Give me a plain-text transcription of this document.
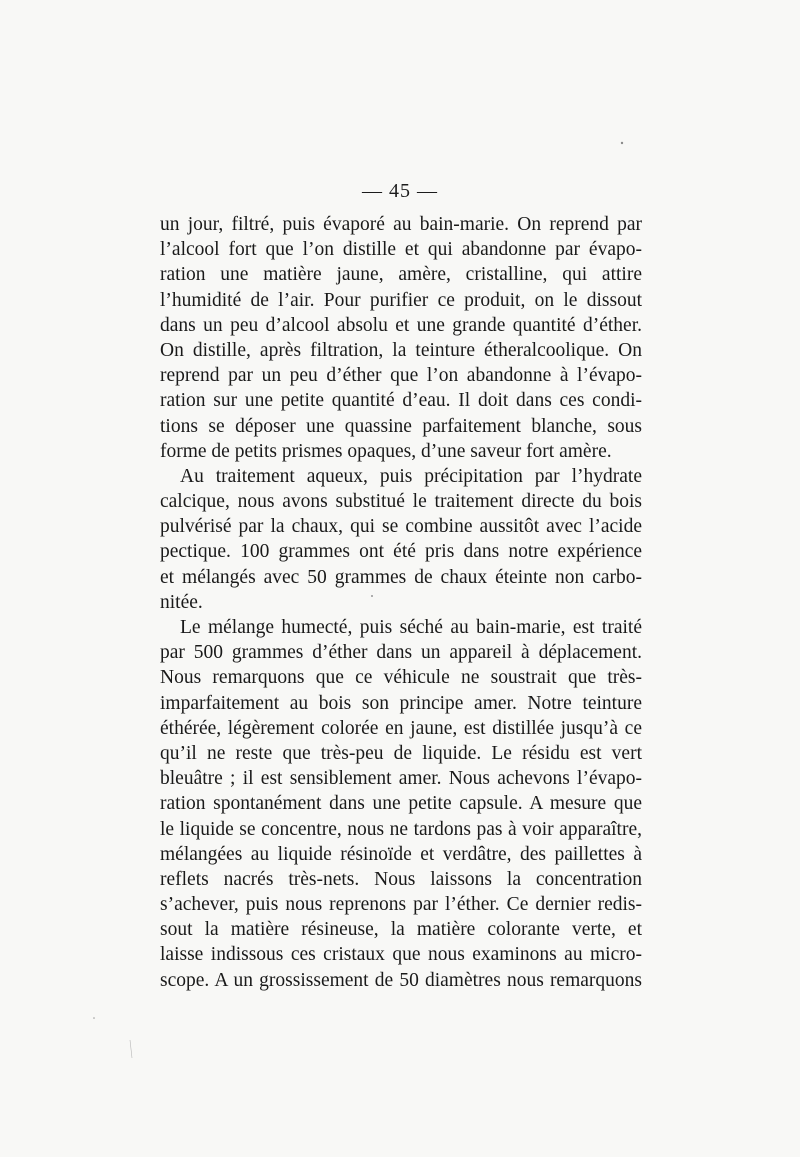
— 45 —
un jour, filtré, puis évaporé au bain-marie. On reprend par
l’alcool fort que l’on distille et qui abandonne par évapo-
ration une matière jaune, amère, cristalline, qui attire
l’humidité de l’air. Pour purifier ce produit, on le dissout
dans un peu d’alcool absolu et une grande quantité d’éther.
On distille, après filtration, la teinture étheralcoolique. On
reprend par un peu d’éther que l’on abandonne à l’évapo-
ration sur une petite quantité d’eau. Il doit dans ces condi-
tions se déposer une quassine parfaitement blanche, sous
forme de petits prismes opaques, d’une saveur fort amère.
Au traitement aqueux, puis précipitation par l’hydrate
calcique, nous avons substitué le traitement directe du bois
pulvérisé par la chaux, qui se combine aussitôt avec l’acide
pectique. 100 grammes ont été pris dans notre expérience
et mélangés avec 50 grammes de chaux éteinte non carbo-
nitée.
Le mélange humecté, puis séché au bain-marie, est traité
par 500 grammes d’éther dans un appareil à déplacement.
Nous remarquons que ce véhicule ne soustrait que très-
imparfaitement au bois son principe amer. Notre teinture
éthérée, légèrement colorée en jaune, est distillée jusqu’à ce
qu’il ne reste que très-peu de liquide. Le résidu est vert
bleuâtre ; il est sensiblement amer. Nous achevons l’évapo-
ration spontanément dans une petite capsule. A mesure que
le liquide se concentre, nous ne tardons pas à voir apparaître,
mélangées au liquide résinoïde et verdâtre, des paillettes à
reflets nacrés très-nets. Nous laissons la concentration
s’achever, puis nous reprenons par l’éther. Ce dernier redis-
sout la matière résineuse, la matière colorante verte, et
laisse indissous ces cristaux que nous examinons au micro-
scope. A un grossissement de 50 diamètres nous remarquons
